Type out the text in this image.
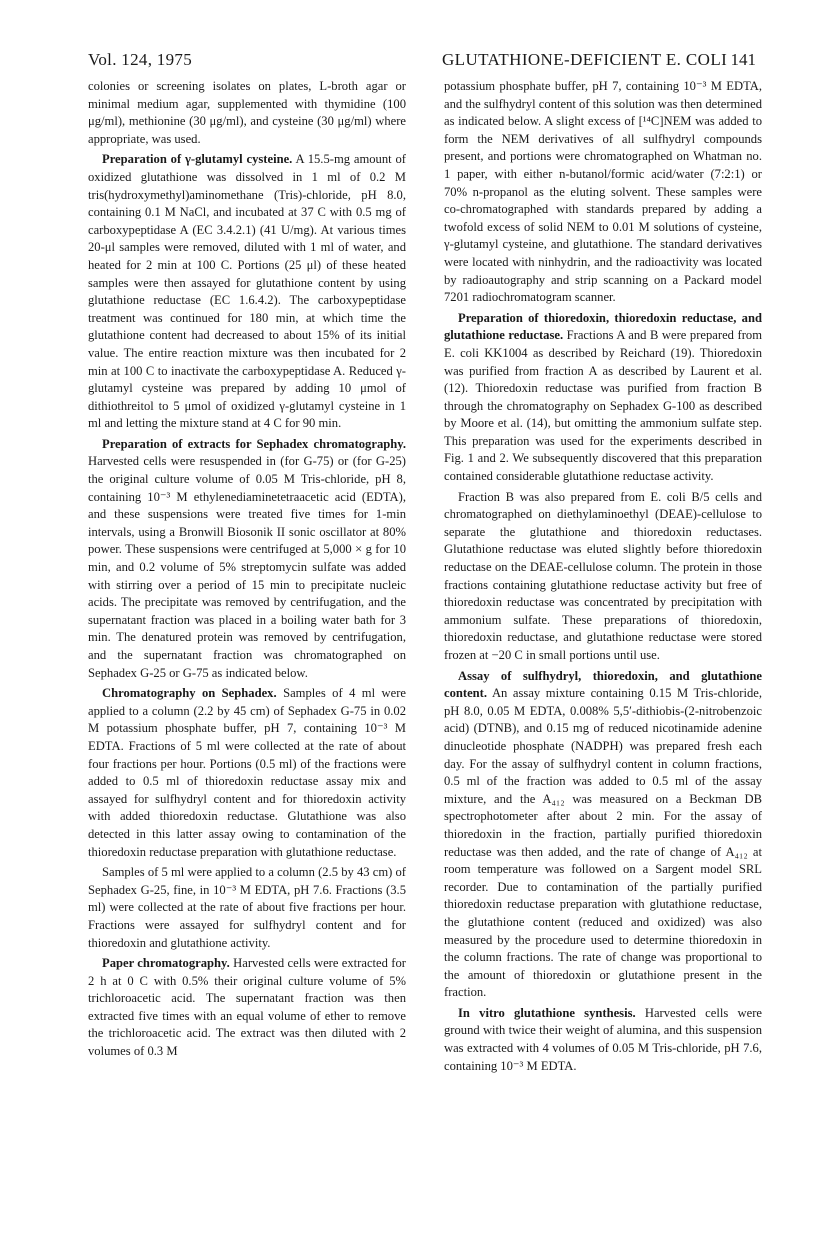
Vol. 124, 1975	GLUTATHIONE-DEFICIENT E. COLI 141

colonies or screening isolates on plates, L-broth agar or minimal medium agar, supplemented with thymidine (100 μg/ml), methionine (30 μg/ml), and cysteine (30 μg/ml) where appropriate, was used.

Preparation of γ-glutamyl cysteine. A 15.5-mg amount of oxidized glutathione was dissolved in 1 ml of 0.2 M tris(hydroxymethyl)aminomethane (Tris)-chloride, pH 8.0, containing 0.1 M NaCl, and incubated at 37 C with 0.5 mg of carboxypeptidase A (EC 3.4.2.1) (41 U/mg). At various times 20-μl samples were removed, diluted with 1 ml of water, and heated for 2 min at 100 C. Portions (25 μl) of these heated samples were then assayed for glutathione content by using glutathione reductase (EC 1.6.4.2). The carboxypeptidase treatment was continued for 180 min, at which time the glutathione content had decreased to about 15% of its initial value. The entire reaction mixture was then incubated for 2 min at 100 C to inactivate the carboxypeptidase A. Reduced γ-glutamyl cysteine was prepared by adding 10 μmol of dithiothreitol to 5 μmol of oxidized γ-glutamyl cysteine in 1 ml and letting the mixture stand at 4 C for 90 min.

Preparation of extracts for Sephadex chromatography. Harvested cells were resuspended in (for G-75) or (for G-25) the original culture volume of 0.05 M Tris-chloride, pH 8, containing 10⁻³ M ethylenediaminetetraacetic acid (EDTA), and these suspensions were treated five times for 1-min intervals, using a Bronwill Biosonik II sonic oscillator at 80% power. These suspensions were centrifuged at 5,000 × g for 10 min, and 0.2 volume of 5% streptomycin sulfate was added with stirring over a period of 15 min to precipitate nucleic acids. The precipitate was removed by centrifugation, and the supernatant fraction was placed in a boiling water bath for 3 min. The denatured protein was removed by centrifugation, and the supernatant fraction was chromatographed on Sephadex G-25 or G-75 as indicated below.

Chromatography on Sephadex. Samples of 4 ml were applied to a column (2.2 by 45 cm) of Sephadex G-75 in 0.02 M potassium phosphate buffer, pH 7, containing 10⁻³ M EDTA. Fractions of 5 ml were collected at the rate of about four fractions per hour. Portions (0.5 ml) of the fractions were added to 0.5 ml of thioredoxin reductase assay mix and assayed for sulfhydryl content and for thioredoxin activity with added thioredoxin reductase. Glutathione was also detected in this latter assay owing to contamination of the thioredoxin reductase preparation with glutathione reductase.

Samples of 5 ml were applied to a column (2.5 by 43 cm) of Sephadex G-25, fine, in 10⁻³ M EDTA, pH 7.6. Fractions (3.5 ml) were collected at the rate of about five fractions per hour. Fractions were assayed for sulfhydryl content and for thioredoxin and glutathione activity.

Paper chromatography. Harvested cells were extracted for 2 h at 0 C with 0.5% their original culture volume of 5% trichloroacetic acid. The supernatant fraction was then extracted five times with an equal volume of ether to remove the trichloroacetic acid. The extract was then diluted with 2 volumes of 0.3 M

potassium phosphate buffer, pH 7, containing 10⁻³ M EDTA, and the sulfhydryl content of this solution was then determined as indicated below. A slight excess of [¹⁴C]NEM was added to form the NEM derivatives of all sulfhydryl compounds present, and portions were chromatographed on Whatman no. 1 paper, with either n-butanol/formic acid/water (7:2:1) or 70% n-propanol as the eluting solvent. These samples were co-chromatographed with standards prepared by adding a twofold excess of solid NEM to 0.01 M solutions of cysteine, γ-glutamyl cysteine, and glutathione. The standard derivatives were located with ninhydrin, and the radioactivity was located by radioautography and strip scanning on a Packard model 7201 radiochromatogram scanner.

Preparation of thioredoxin, thioredoxin reductase, and glutathione reductase. Fractions A and B were prepared from E. coli KK1004 as described by Reichard (19). Thioredoxin was purified from fraction A as described by Laurent et al. (12). Thioredoxin reductase was purified from fraction B through the chromatography on Sephadex G-100 as described by Moore et al. (14), but omitting the ammonium sulfate step. This preparation was used for the experiments described in Fig. 1 and 2. We subsequently discovered that this preparation contained considerable glutathione reductase activity.

Fraction B was also prepared from E. coli B/5 cells and chromatographed on diethylaminoethyl (DEAE)-cellulose to separate the glutathione and thioredoxin reductases. Glutathione reductase was eluted slightly before thioredoxin reductase on the DEAE-cellulose column. The protein in those fractions containing glutathione reductase activity but free of thioredoxin reductase was concentrated by precipitation with ammonium sulfate. These preparations of thioredoxin, thioredoxin reductase, and glutathione reductase were stored frozen at −20 C in small portions until use.

Assay of sulfhydryl, thioredoxin, and glutathione content. An assay mixture containing 0.15 M Tris-chloride, pH 8.0, 0.05 M EDTA, 0.008% 5,5′-dithiobis-(2-nitrobenzoic acid) (DTNB), and 0.15 mg of reduced nicotinamide adenine dinucleotide phosphate (NADPH) was prepared fresh each day. For the assay of sulfhydryl content in column fractions, 0.5 ml of the fraction was added to 0.5 ml of the assay mixture, and the A₄₁₂ was measured on a Beckman DB spectrophotometer after about 2 min. For the assay of thioredoxin in the fraction, partially purified thioredoxin reductase was then added, and the rate of change of A₄₁₂ at room temperature was followed on a Sargent model SRL recorder. Due to contamination of the partially purified thioredoxin reductase preparation with glutathione reductase, the glutathione content (reduced and oxidized) was also measured by the procedure used to determine thioredoxin in the column fractions. The rate of change was proportional to the amount of thioredoxin or glutathione present in the fraction.

In vitro glutathione synthesis. Harvested cells were ground with twice their weight of alumina, and this suspension was extracted with 4 volumes of 0.05 M Tris-chloride, pH 7.6, containing 10⁻³ M EDTA.
